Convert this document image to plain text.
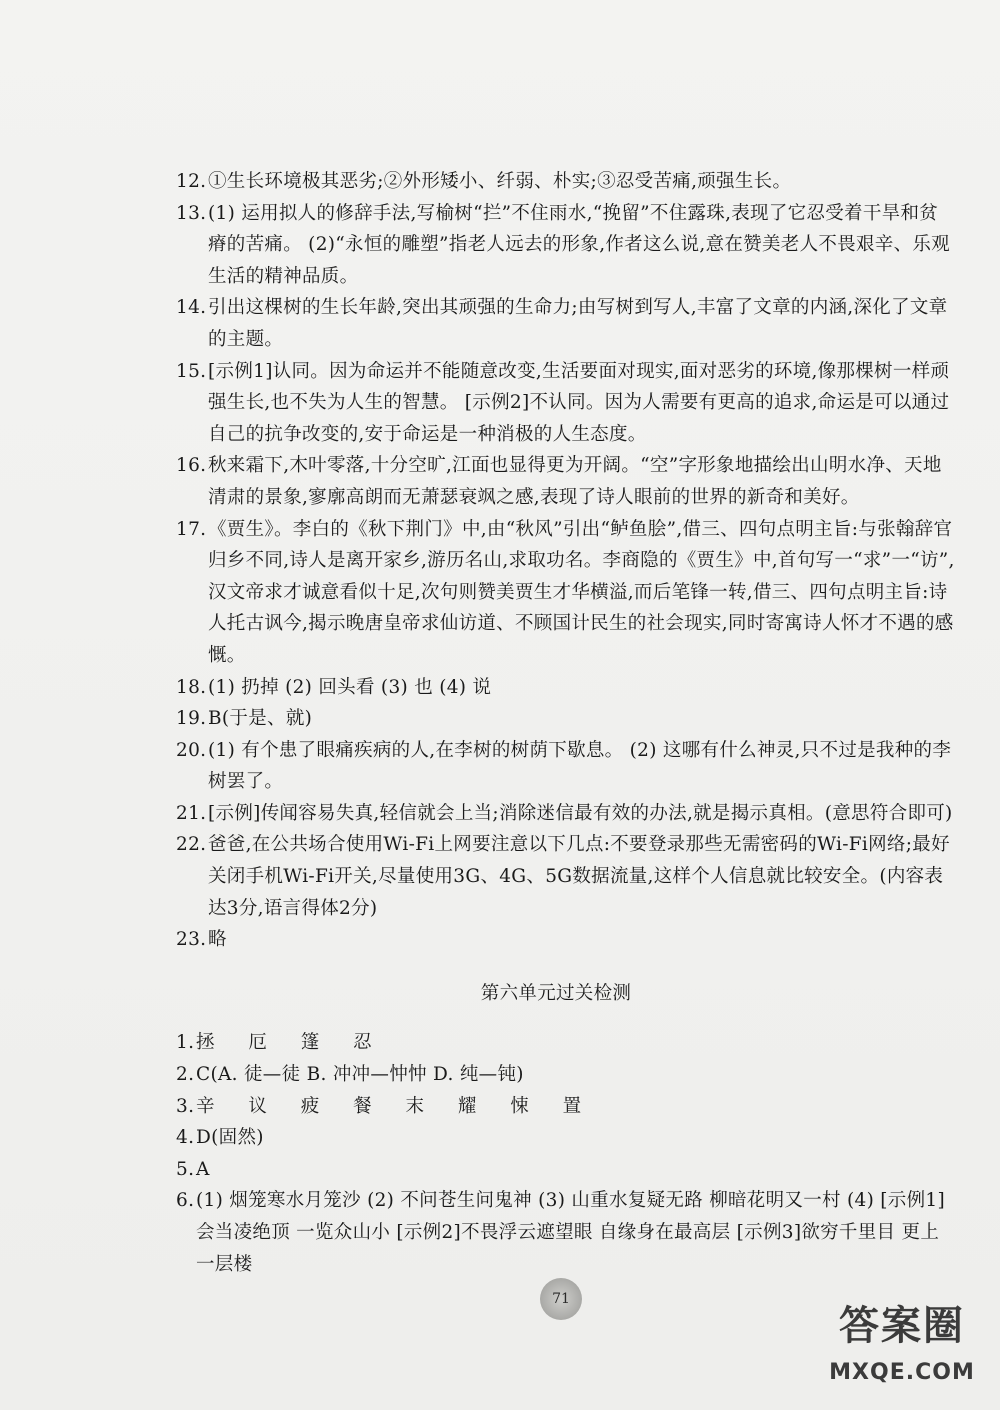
12. ①生长环境极其恶劣;②外形矮小、纤弱、朴实;③忍受苦痛,顽强生长。
13. (1) 运用拟人的修辞手法,写榆树“拦”不住雨水,“挽留”不住露珠,表现了它忍受着干旱和贫瘠的苦痛。 (2)“永恒的雕塑”指老人远去的形象,作者这么说,意在赞美老人不畏艰辛、乐观生活的精神品质。
14. 引出这棵树的生长年龄,突出其顽强的生命力;由写树到写人,丰富了文章的内涵,深化了文章的主题。
15. [示例1]认同。因为命运并不能随意改变,生活要面对现实,面对恶劣的环境,像那棵树一样顽强生长,也不失为人生的智慧。 [示例2]不认同。因为人需要有更高的追求,命运是可以通过自己的抗争改变的,安于命运是一种消极的人生态度。
16. 秋来霜下,木叶零落,十分空旷,江面也显得更为开阔。“空”字形象地描绘出山明水净、天地清肃的景象,寥廓高朗而无萧瑟衰飒之感,表现了诗人眼前的世界的新奇和美好。
17. 《贾生》。李白的《秋下荆门》中,由“秋风”引出“鲈鱼脍”,借三、四句点明主旨:与张翰辞官归乡不同,诗人是离开家乡,游历名山,求取功名。李商隐的《贾生》中,首句写一“求”一“访”,汉文帝求才诚意看似十足,次句则赞美贾生才华横溢,而后笔锋一转,借三、四句点明主旨:诗人托古讽今,揭示晚唐皇帝求仙访道、不顾国计民生的社会现实,同时寄寓诗人怀才不遇的感慨。
18. (1) 扔掉 (2) 回头看 (3) 也 (4) 说
19. B(于是、就)
20. (1) 有个患了眼痛疾病的人,在李树的树荫下歇息。 (2) 这哪有什么神灵,只不过是我种的李树罢了。
21. [示例]传闻容易失真,轻信就会上当;消除迷信最有效的办法,就是揭示真相。(意思符合即可)
22. 爸爸,在公共场合使用Wi-Fi上网要注意以下几点:不要登录那些无需密码的Wi-Fi网络;最好关闭手机Wi-Fi开关,尽量使用3G、4G、5G数据流量,这样个人信息就比较安全。(内容表达3分,语言得体2分)
23. 略
第六单元过关检测
1. 拯 厄 篷 忍
2. C(A. 徒—徒 B. 冲冲—忡忡 D. 纯—钝)
3. 辛 议 疲 餐 末 耀 悚 置
4. D(固然)
5. A
6. (1) 烟笼寒水月笼沙 (2) 不问苍生问鬼神 (3) 山重水复疑无路 柳暗花明又一村 (4) [示例1]会当凌绝顶 一览众山小 [示例2]不畏浮云遮望眼 自缘身在最高层 [示例3]欲穷千里目 更上一层楼
71
答案圈
MXQE.COM
